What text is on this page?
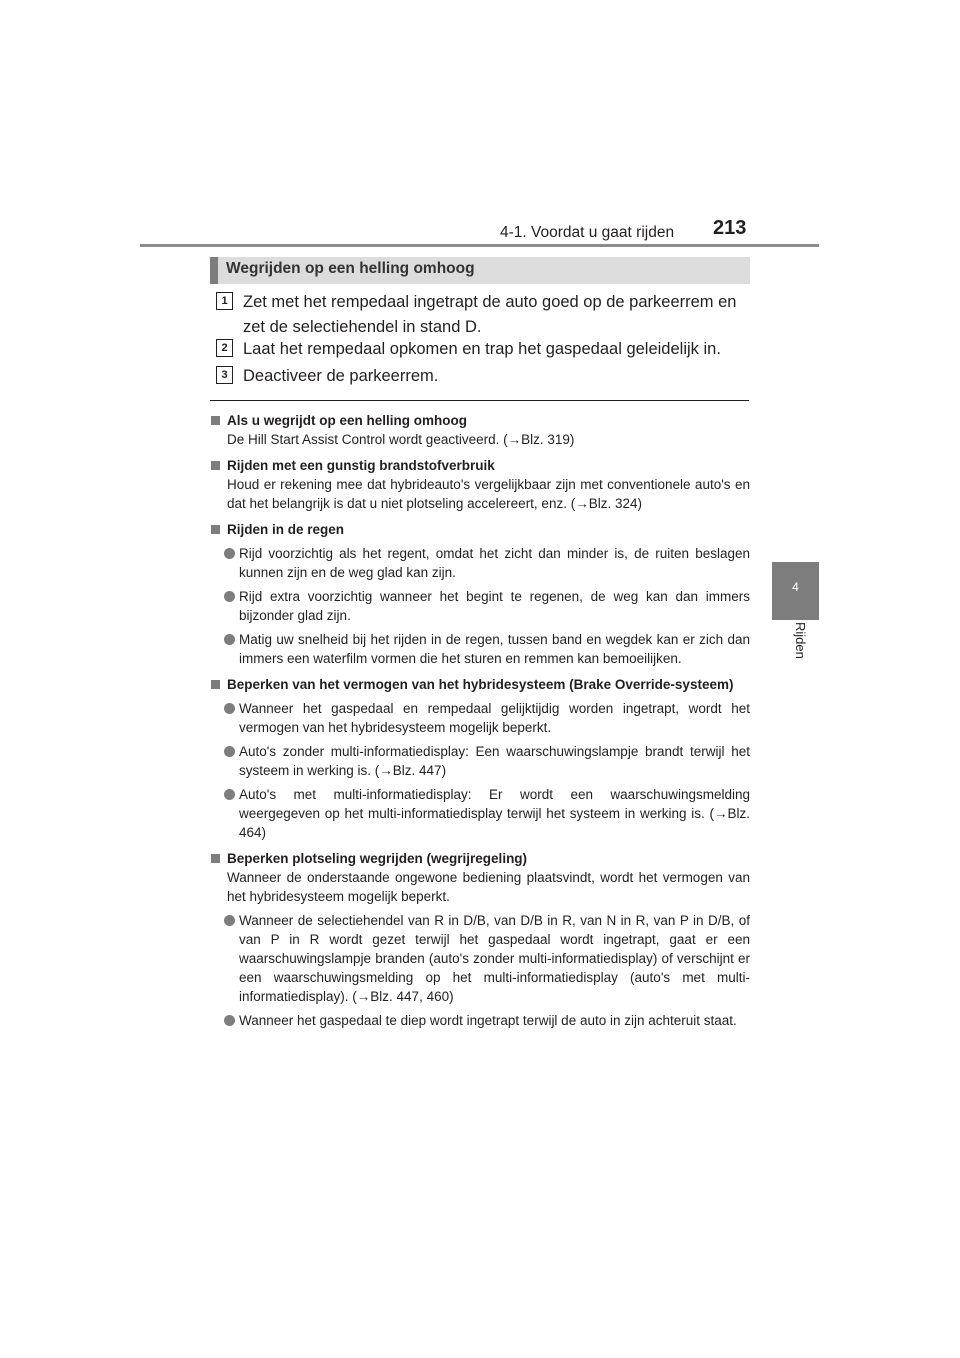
4-1. Voordat u gaat rijden	213
4
Rijden
Wegrijden op een helling omhoog
1 Zet met het rempedaal ingetrapt de auto goed op de parkeerrem en zet de selectiehendel in stand D.
2 Laat het rempedaal opkomen en trap het gaspedaal geleidelijk in.
3 Deactiveer de parkeerrem.
Als u wegrijdt op een helling omhoog
De Hill Start Assist Control wordt geactiveerd. (→Blz. 319)
Rijden met een gunstig brandstofverbruik
Houd er rekening mee dat hybrideauto's vergelijkbaar zijn met conventionele auto's en dat het belangrijk is dat u niet plotseling accelereert, enz. (→Blz. 324)
Rijden in de regen
Rijd voorzichtig als het regent, omdat het zicht dan minder is, de ruiten beslagen kunnen zijn en de weg glad kan zijn.
Rijd extra voorzichtig wanneer het begint te regenen, de weg kan dan immers bijzonder glad zijn.
Matig uw snelheid bij het rijden in de regen, tussen band en wegdek kan er zich dan immers een waterfilm vormen die het sturen en remmen kan bemoeilijken.
Beperken van het vermogen van het hybridesysteem (Brake Override-systeem)
Wanneer het gaspedaal en rempedaal gelijktijdig worden ingetrapt, wordt het vermogen van het hybridesysteem mogelijk beperkt.
Auto's zonder multi-informatiedisplay: Een waarschuwingslampje brandt terwijl het systeem in werking is. (→Blz. 447)
Auto's met multi-informatiedisplay: Er wordt een waarschuwingsmelding weergegeven op het multi-informatiedisplay terwijl het systeem in werking is. (→Blz. 464)
Beperken plotseling wegrijden (wegrijregeling)
Wanneer de onderstaande ongewone bediening plaatsvindt, wordt het vermogen van het hybridesysteem mogelijk beperkt.
Wanneer de selectiehendel van R in D/B, van D/B in R, van N in R, van P in D/B, of van P in R wordt gezet terwijl het gaspedaal wordt ingetrapt, gaat er een waarschuwingslampje branden (auto's zonder multi-informatiedisplay) of verschijnt er een waarschuwingsmelding op het multi-informatiedisplay (auto's met multi-informatiedisplay). (→Blz. 447, 460)
Wanneer het gaspedaal te diep wordt ingetrapt terwijl de auto in zijn achteruit staat.
